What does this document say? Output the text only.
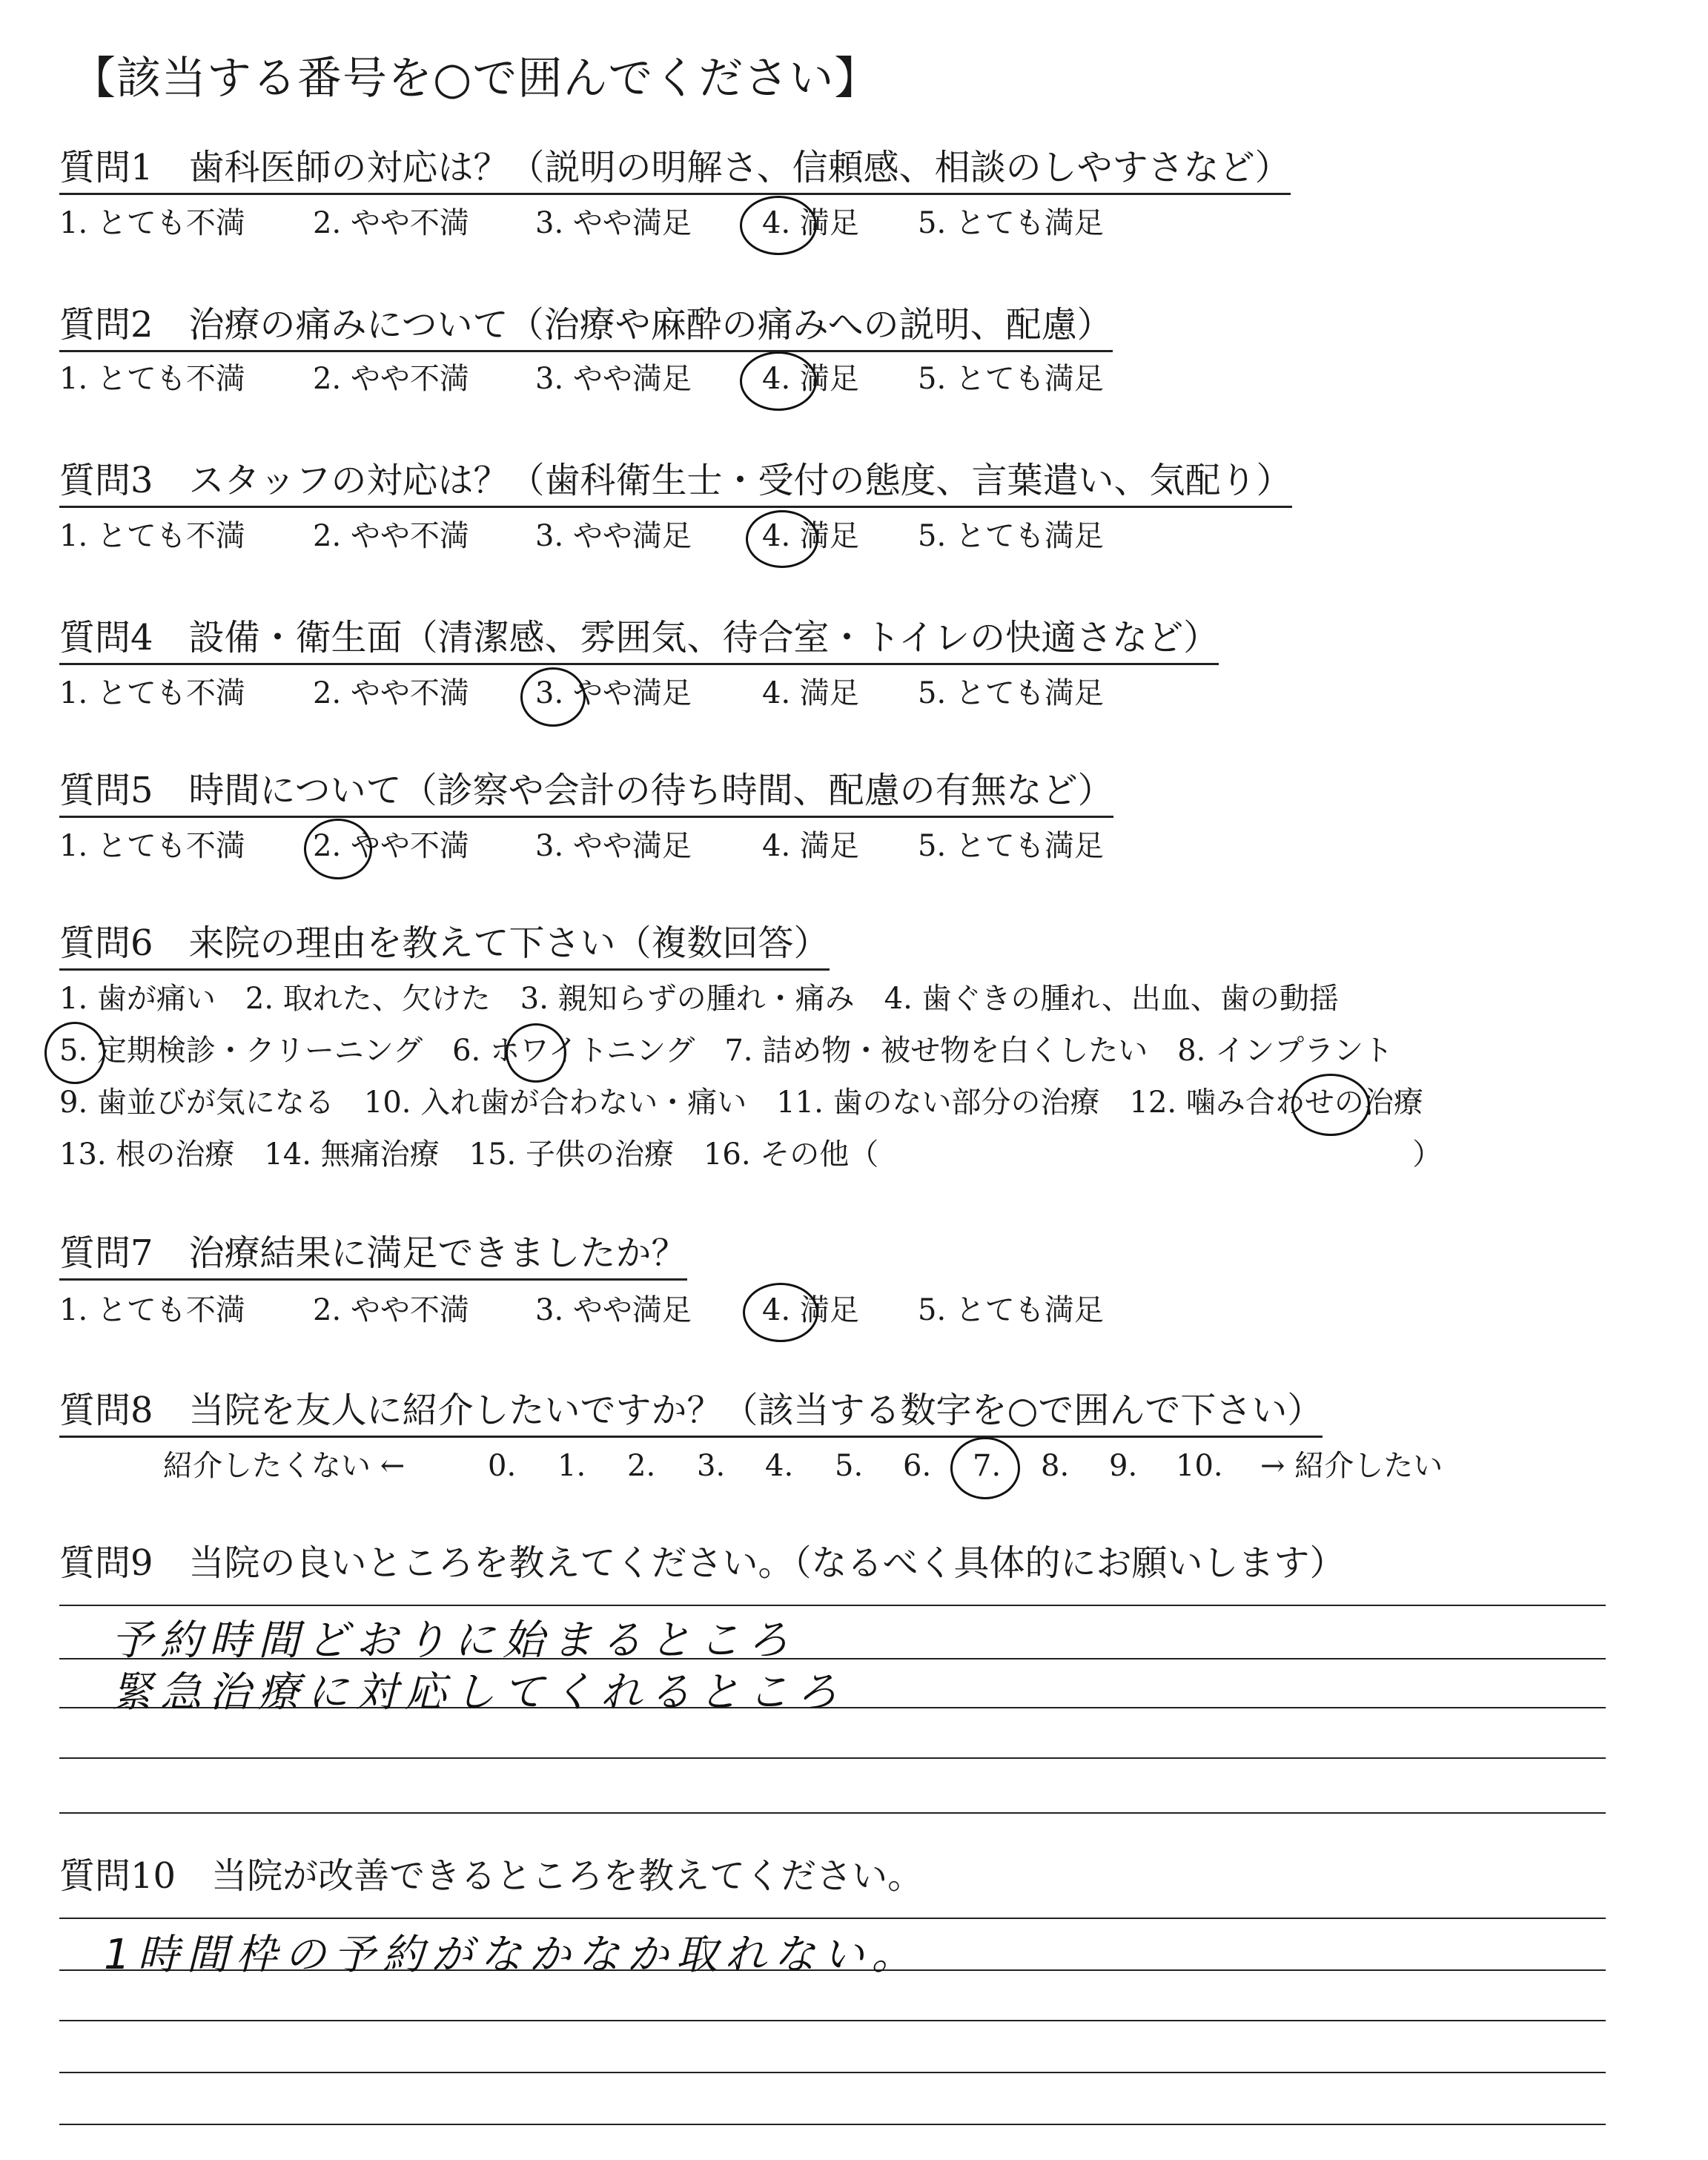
【該当する番号を○で囲んでください】
質問1　歯科医師の対応は？（説明の明解さ、信頼感、相談のしやすさなど）
1. とても不満 2. やや不満 3. やや満足 4. 満足 5. とても満足
質問2　治療の痛みについて（治療や麻酔の痛みへの説明、配慮）
1. とても不満 2. やや不満 3. やや満足 4. 満足 5. とても満足
質問3　スタッフの対応は？（歯科衛生士・受付の態度、言葉遣い、気配り）
1. とても不満 2. やや不満 3. やや満足 4. 満足 5. とても満足
質問4　設備・衛生面（清潔感、雰囲気、待合室・トイレの快適さなど）
1. とても不満 2. やや不満 3. やや満足 4. 満足 5. とても満足
質問5　時間について（診察や会計の待ち時間、配慮の有無など）
1. とても不満 2. やや不満 3. やや満足 4. 満足 5. とても満足
質問6　来院の理由を教えて下さい（複数回答）
1. 歯が痛い　2. 取れた、欠けた　3. 親知らずの腫れ・痛み　4. 歯ぐきの腫れ、出血、歯の動揺
5. 定期検診・クリーニング　6. ホワイトニング　7. 詰め物・被せ物を白くしたい　8. インプラント
9. 歯並びが気になる　10. 入れ歯が合わない・痛い　11. 歯のない部分の治療　12. 噛み合わせの治療
13. 根の治療　14. 無痛治療　15. 子供の治療　16. その他（　　　　　　　　　　　　　　　　　　）
質問7　治療結果に満足できましたか？
1. とても不満 2. やや不満 3. やや満足 4. 満足 5. とても満足
質問8　当院を友人に紹介したいですか？（該当する数字を○で囲んで下さい）
紹介したくない ←	0. 1. 2. 3. 4. 5. 6. 7. 8. 9. 10. → 紹介したい
質問9　当院の良いところを教えてください。（なるべく具体的にお願いします）
予約時間どおりに始まるところ
緊急治療に対応してくれるところ
質問10　当院が改善できるところを教えてください。
1時間枠の予約がなかなか取れない。
